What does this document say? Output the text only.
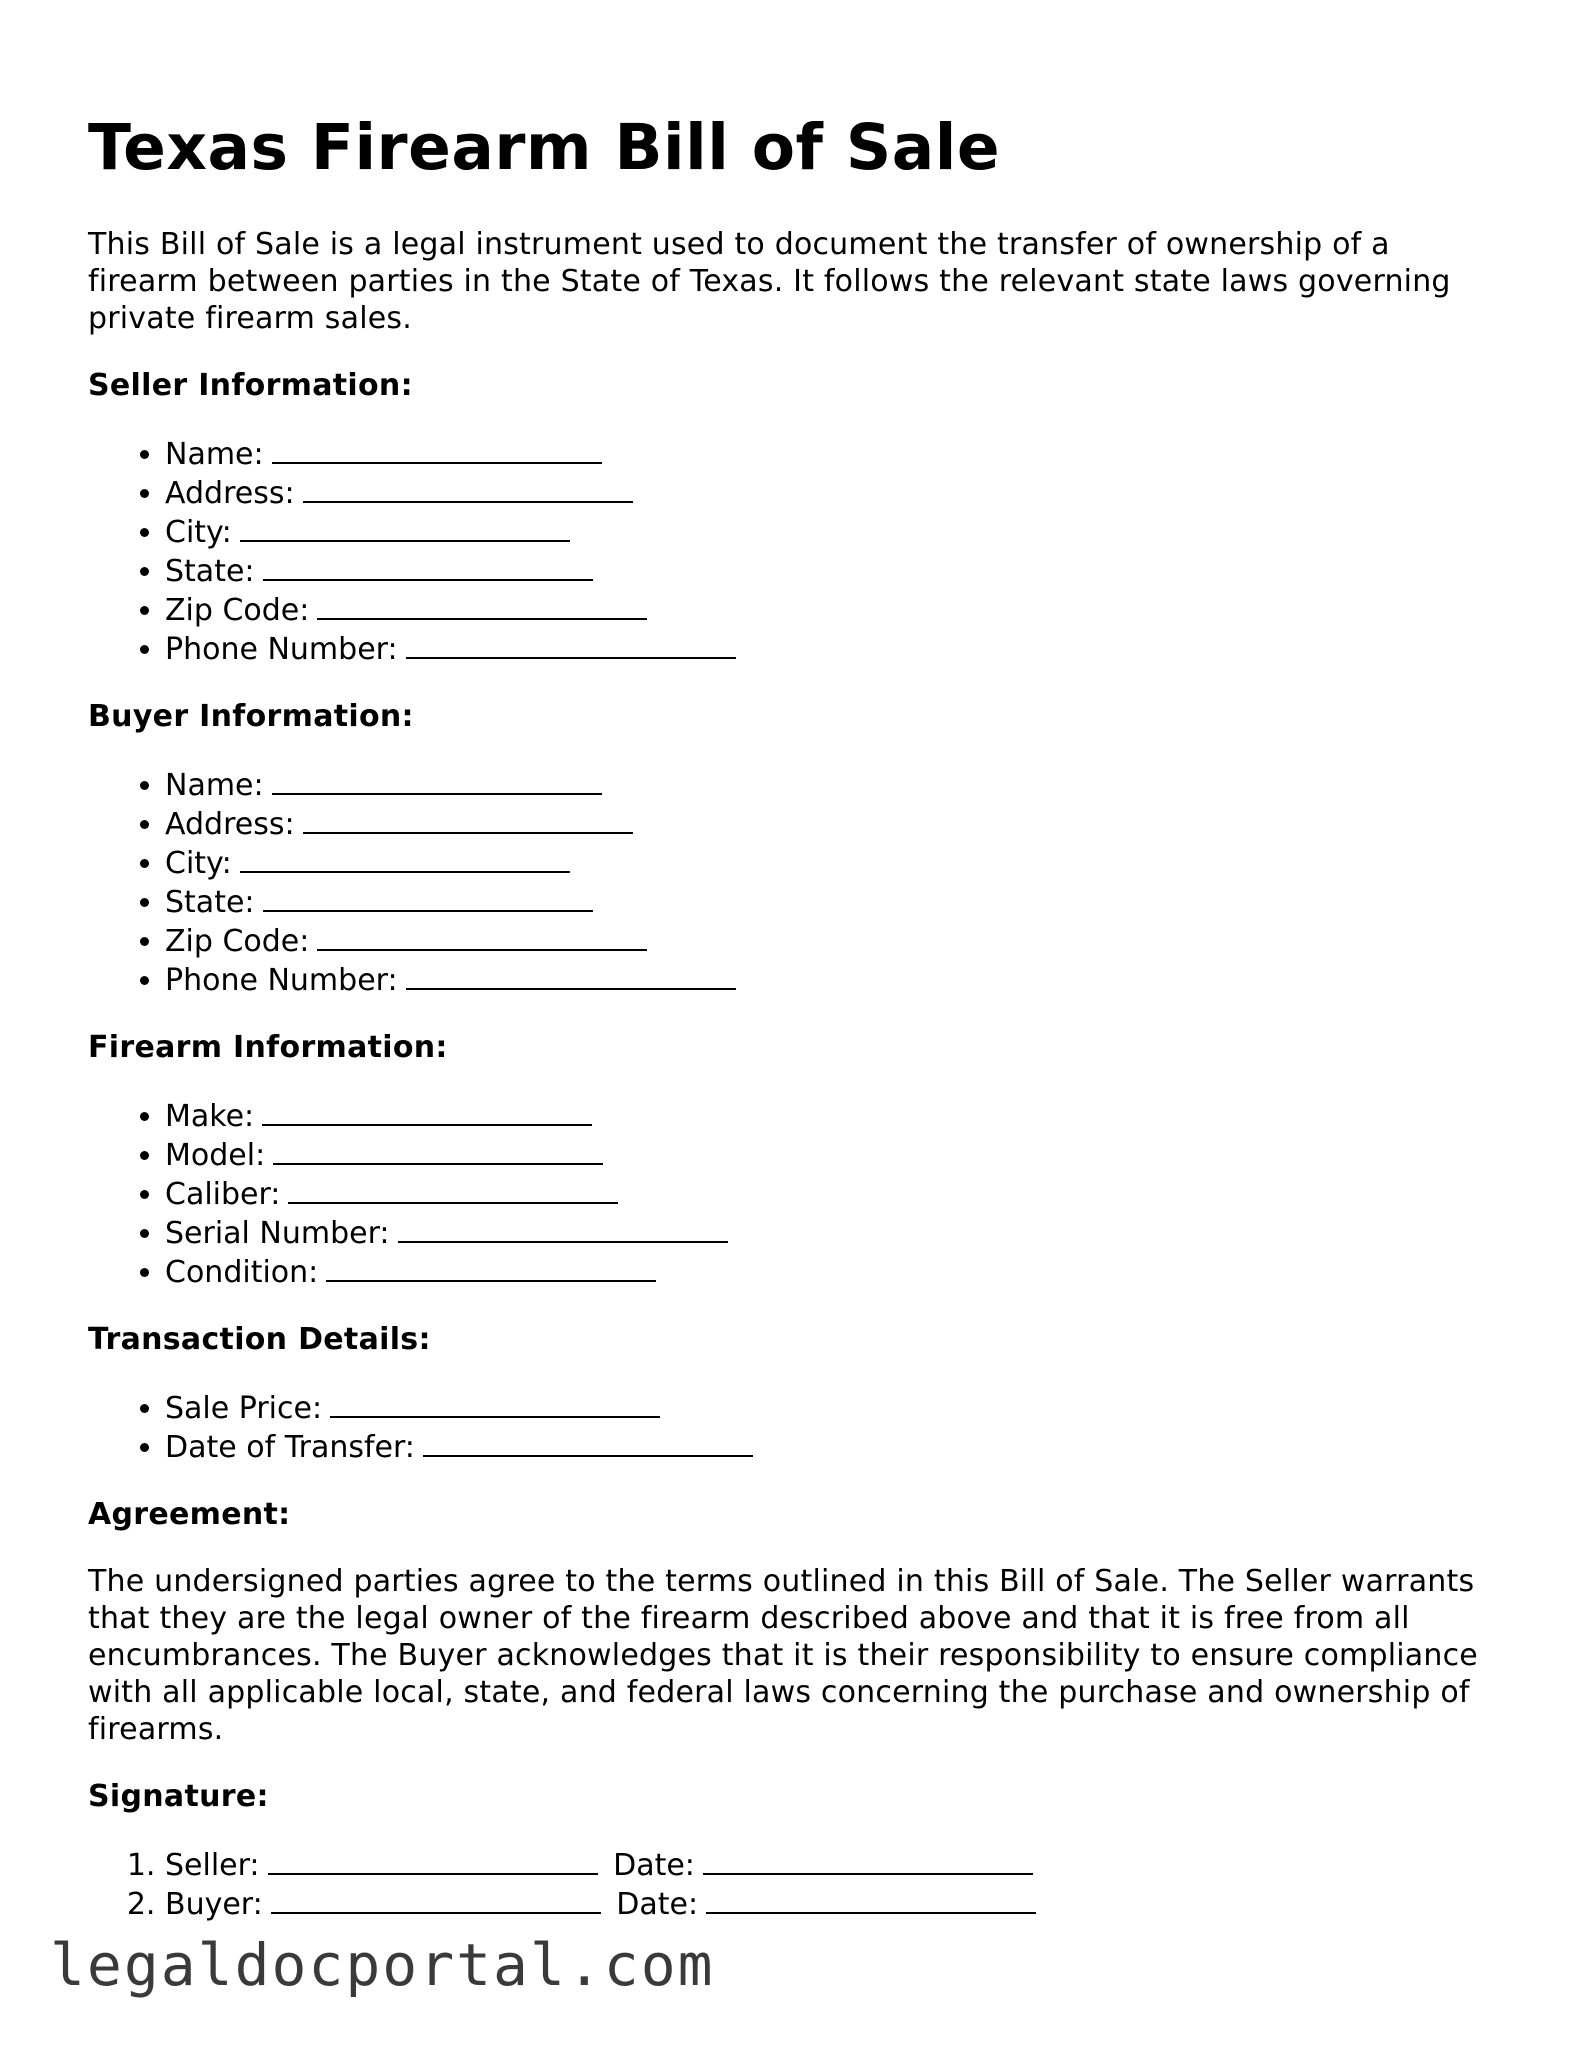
Texas Firearm Bill of Sale

This Bill of Sale is a legal instrument used to document the transfer of ownership of a firearm between parties in the State of Texas. It follows the relevant state laws governing private firearm sales.

Seller Information:
• Name:
• Address:
• City:
• State:
• Zip Code:
• Phone Number:
Buyer Information:
• Name:
• Address:
• City:
• State:
• Zip Code:
• Phone Number:
Firearm Information:
• Make:
• Model:
• Caliber:
• Serial Number:
• Condition:
Transaction Details:
• Sale Price:
• Date of Transfer:
Agreement:

The undersigned parties agree to the terms outlined in this Bill of Sale. The Seller warrants that they are the legal owner of the firearm described above and that it is free from all encumbrances. The Buyer acknowledges that it is their responsibility to ensure compliance with all applicable local, state, and federal laws concerning the purchase and ownership of firearms.

Signature:
1. Seller:	Date:
2. Buyer:	Date:
legaldocportal.com
